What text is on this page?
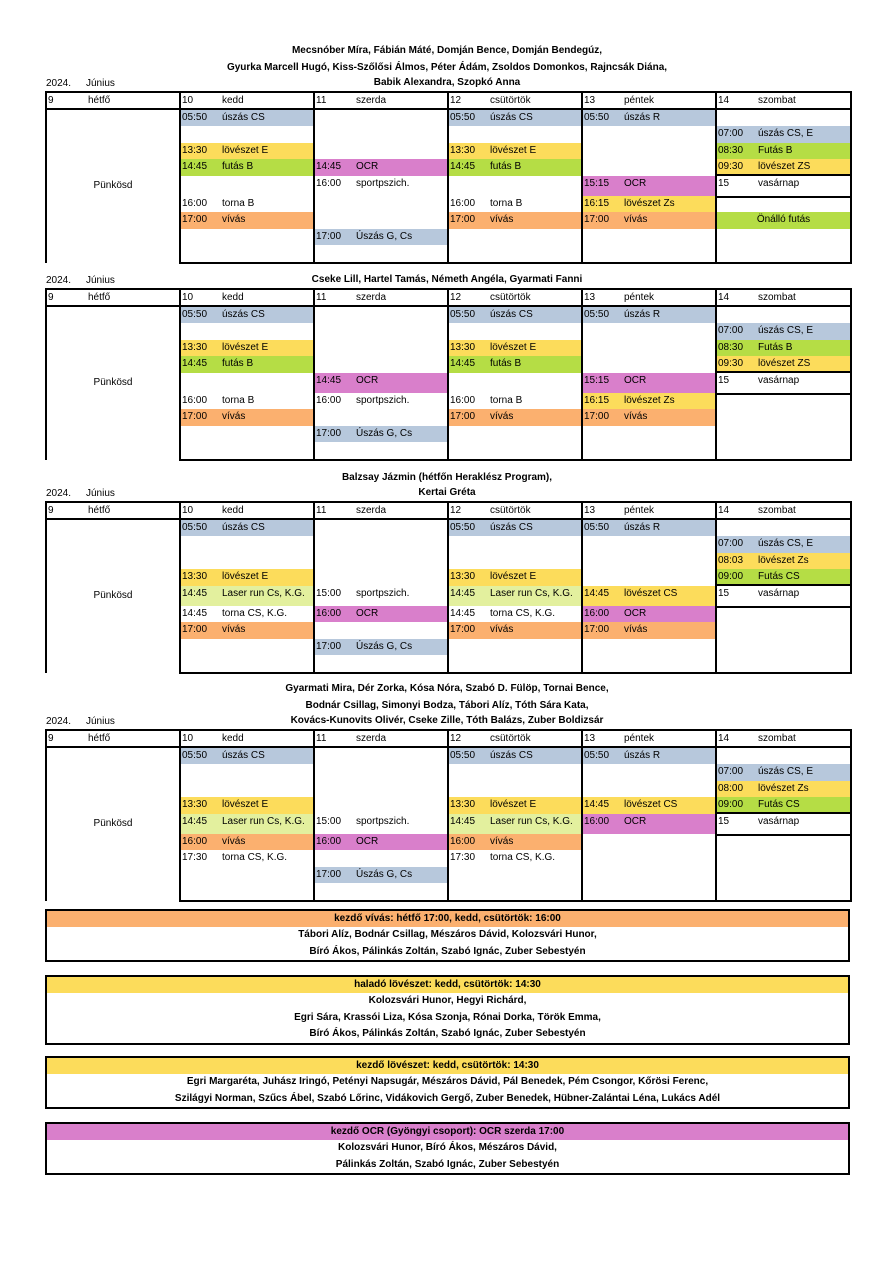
Mecsnóber Míra, Fábián Máté, Domján Bence, Domján Bendegúz,
Gyurka Marcell Hugó, Kiss-Szőlősi Álmos, Péter Ádám, Zsoldos Domonkos, Rajncsák Diána,
Babik Alexandra, Szopkó Anna
2024. Június
9 hétfő	10 kedd	11 szerda	12 csütörtök	13 péntek	14 szombat

Pünkösd	05:50 úszás CS		05:50 úszás CS	05:50 úszás R	

					07:00 úszás CS, E

	13:30 lövészet E		13:30 lövészet E		08:30 Futás B

	14:45 futás B	14:45 OCR	14:45 futás B		09:30 lövészet ZS

		16:00 sportpszich.		15:15 OCR	15 vasárnap

	16:00 torna B		16:00 torna B	16:15 lövészet Zs	

	17:00 vívás		17:00 vívás	17:00 vívás	Önálló futás

		17:00 Úszás G, Cs			

Cseke Lill, Hartel Tamás, Németh Angéla, Gyarmati Fanni
2024. Június
9 hétfő	10 kedd	11 szerda	12 csütörtök	13 péntek	14 szombat

Pünkösd	05:50 úszás CS		05:50 úszás CS	05:50 úszás R	

					07:00 úszás CS, E

	13:30 lövészet E		13:30 lövészet E		08:30 Futás B

	14:45 futás B		14:45 futás B		09:30 lövészet ZS

		14:45 OCR		15:15 OCR	15 vasárnap

	16:00 torna B	16:00 sportpszich.	16:00 torna B	16:15 lövészet Zs	

	17:00 vívás		17:00 vívás	17:00 vívás	

		17:00 Úszás G, Cs			

Balzsay Jázmin (hétfőn Heraklész Program),
Kertai Gréta
2024. Június
9 hétfő	10 kedd	11 szerda	12 csütörtök	13 péntek	14 szombat

Pünkösd	05:50 úszás CS		05:50 úszás CS	05:50 úszás R	

					07:00 úszás CS, E

					08:03 lövészet Zs

	13:30 lövészet E		13:30 lövészet E		09:00 Futás CS

	14:45 Laser run Cs, K.G.	15:00 sportpszich.	14:45 Laser run Cs, K.G.	14:45 lövészet CS	15 vasárnap

	14:45 torna CS, K.G.	16:00 OCR	14:45 torna CS, K.G.	16:00 OCR	

	17:00 vívás		17:00 vívás	17:00 vívás	

		17:00 Úszás G, Cs			

Gyarmati Mira, Dér Zorka, Kósa Nóra, Szabó D. Fülöp, Tornai Bence,
Bodnár Csillag, Simonyi Bodza, Tábori Alíz, Tóth Sára Kata,
Kovács-Kunovits Olivér, Cseke Zille, Tóth Balázs, Zuber Boldizsár
2024. Június
9 hétfő	10 kedd	11 szerda	12 csütörtök	13 péntek	14 szombat

Pünkösd	05:50 úszás CS		05:50 úszás CS	05:50 úszás R	

					07:00 úszás CS, E

					08:00 lövészet Zs

	13:30 lövészet E		13:30 lövészet E	14:45 lövészet CS	09:00 Futás CS

	14:45 Laser run Cs, K.G.	15:00 sportpszich.	14:45 Laser run Cs, K.G.	16:00 OCR	15 vasárnap

	16:00 vívás	16:00 OCR	16:00 vívás		

	17:30 torna CS, K.G.		17:30 torna CS, K.G.		

		17:00 Úszás G, Cs			

kezdő vívás: hétfő 17:00, kedd, csütörtök: 16:00
Tábori Alíz, Bodnár Csillag, Mészáros Dávid, Kolozsvári Hunor,
Bíró Ákos, Pálinkás Zoltán, Szabó Ignác, Zuber Sebestyén
haladó lövészet: kedd, csütörtök: 14:30
Kolozsvári Hunor, Hegyi Richárd,
Egri Sára, Krassói Liza, Kósa Szonja, Rónai Dorka, Török Emma,
Bíró Ákos, Pálinkás Zoltán, Szabó Ignác, Zuber Sebestyén
kezdő lövészet: kedd, csütörtök: 14:30
Egri Margaréta, Juhász Iringó, Petényi Napsugár, Mészáros Dávid, Pál Benedek, Pém Csongor, Kőrösi Ferenc,
Szilágyi Norman, Szűcs Ábel, Szabó Lőrinc, Vidákovich Gergő, Zuber Benedek, Hübner-Zalántai Léna, Lukács Adél
kezdő OCR (Gyöngyi csoport): OCR szerda 17:00
Kolozsvári Hunor, Bíró Ákos, Mészáros Dávid,
Pálinkás Zoltán, Szabó Ignác, Zuber Sebestyén
